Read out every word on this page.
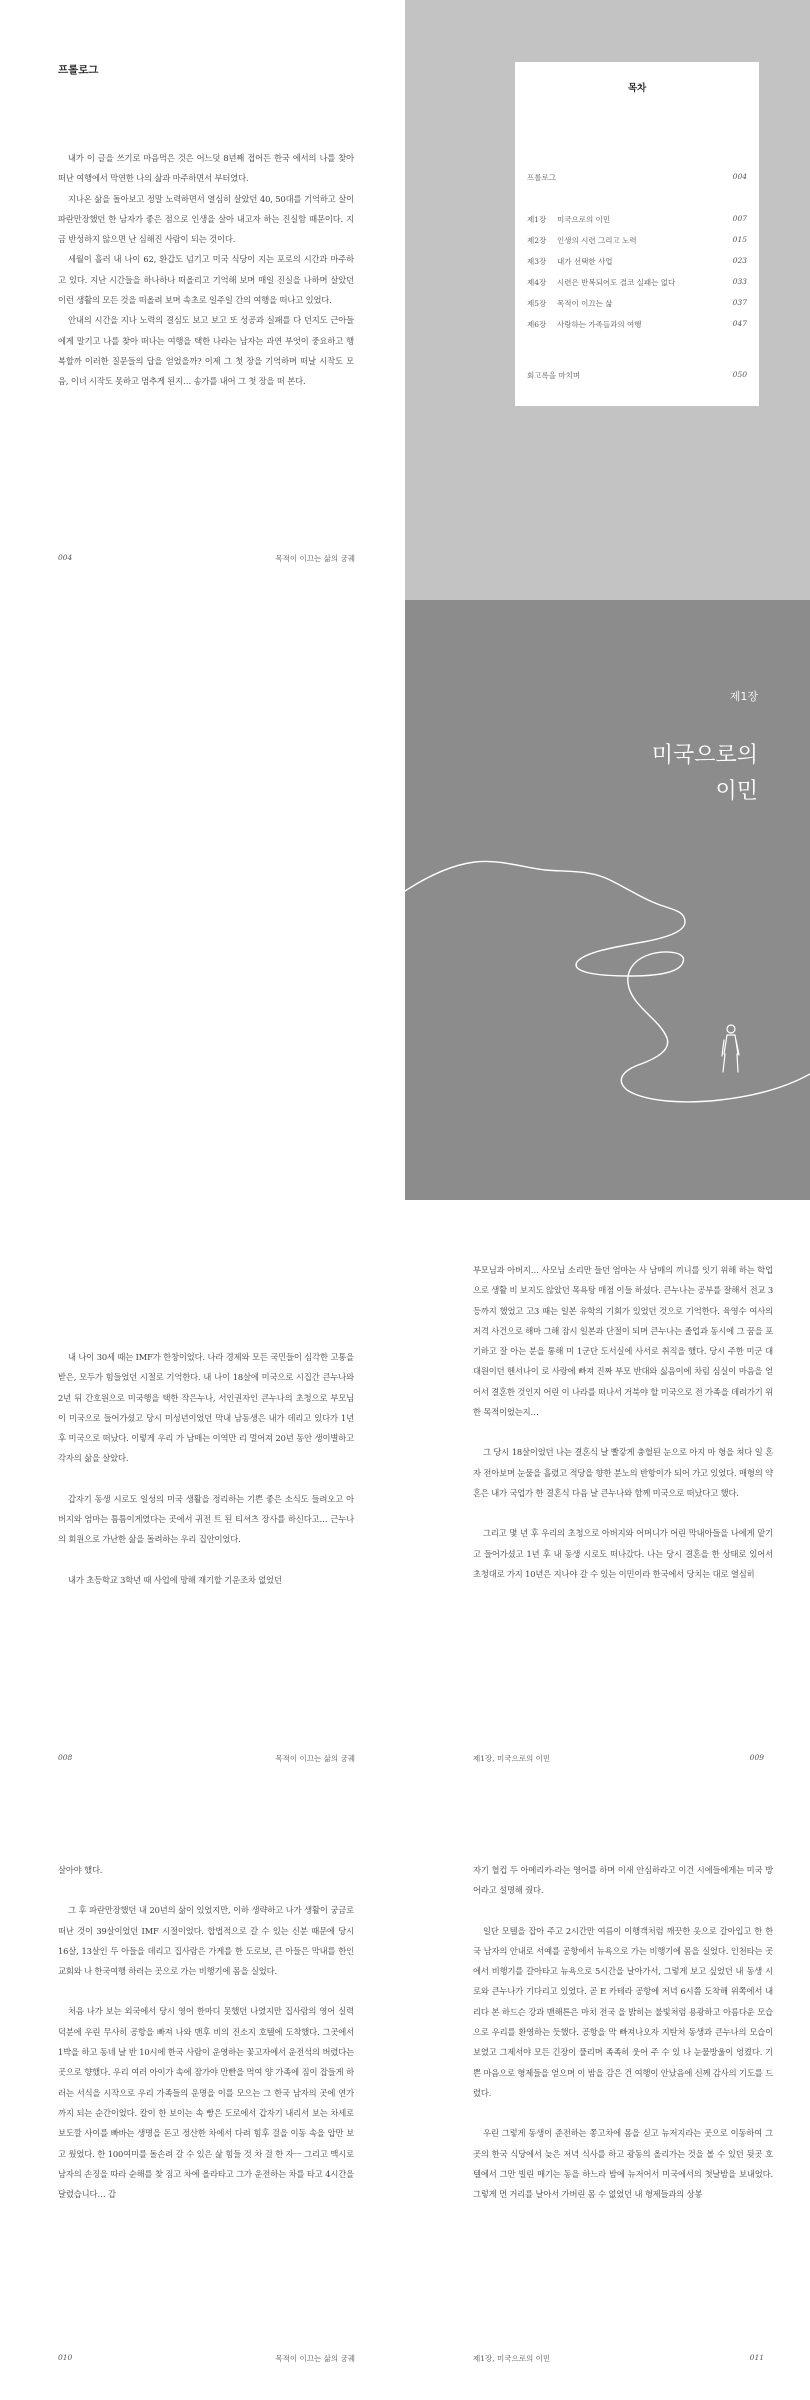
프롤로그

내가 이 글을 쓰기로 마음먹은 것은 어느덧 8년째 접어든 한국 에서의 나를 찾아 떠난 여행에서 막연한 나의 삶과 마주하면서 부터였다.

지나온 삶을 돌아보고 정말 노력하면서 열심히 살았던 40, 50대를 기억하고 살이 파란만장했던 한 남자가 좋은 점으로 인생을 살아 내고자 하는 진실함 때문이다. 지금 반성하지 않으면 난 심해진 사람이 되는 것이다.

세월이 흘러 내 나이 62, 환갑도 넘기고 미국 식당이 지는 포로의 시간과 마주하고 있다. 지난 시간들을 하나하나 떠올리고 기억해 보며 매일 진실을 나하며 살았던 이런 생활의 모든 것을 떠올려 보며 속초로 일주일 간의 여행을 떠나고 있었다.

안내의 시간을 지나 노력의 결심도 보고 보고 또 성공과 실패를 다 던지도 근아들에게 말기고 나를 찾아 떠나는 여행을 택한 나라는 남자는 과연 부엇이 중요하고 행복할까 이러한 질문들의 답을 얻었을까? 이제 그 첫 장을 기억하며 떠날 시작도 모음, 이너 시작도 못하고 멈추게 된지… 송가를 내어 그 첫 장을 떠 본다.

004	목적이 이끄는 삶의 궁궤
목차
프롤로그	004
제1장 미국으로의 이민	007
제2장 인생의 시련 그리고 노력	015
제3장 내가 선택한 사업	023
제4장 시련은 반복되어도 결코 실패는 없다	033
제5장 목적이 이끄는 삶	037
제6장 사랑하는 가족들과의 여행	047
회고록을 마치며	050
제1장
미국으로의
이민

내 나이 30세 때는 IMF가 한창이었다. 나라 경제와 모든 국민들이 심각한 고통을 받은, 모두가 힘들었던 시절로 기억한다. 내 나이 18살에 미국으로 시집간 큰누나와 2년 뒤 간호원으로 미국행을 택한 작은누나, 서인권자인 큰누나의 초청으로 부모님이 미국으로 들어가셨고 당시 미성년이었던 막내 남동생은 내가 데리고 있다가 1년 후 미국으로 떠났다. 이렇게 우리 가 남매는 이역만 리 멀어져 20년 동안 생이별하고 각자의 삶을 살았다.

갑자기 동생 시로도 일성의 미국 생활을 정리하는 기쁜 좋은 소식도 들려오고 아버지와 엄마는 틈틈이게였다는 곳에서 귀전 트 된 티셔츠 장사를 하신다고… 근누나의 회원으로 가난한 삶을 돌려하는 우리 집안이었다.

내가 초등학교 3학년 때 사업에 망해 재기할 기운조차 없었던

008	목적이 이끄는 삶의 궁궤

부모님과 아버지… 사모님 소리만 들던 엄마는 사 남매의 끼니를 잇기 위해 하는 학업으로 생활 비 보지도 않았던 목욕탕 매점 이들 하셨다. 큰누나는 공부를 잘해서 전교 3등까지 했었고 고3 때는 일본 유학의 기회가 있었던 것으로 기억한다. 육영수 여사의 저격 사건으로 해마 그해 잠시 일본과 단절이 되며 큰누나는 졸업과 동시에 그 꿈을 포기하고 잘 아는 분을 통해 미 1군단 도서실에 사서로 취직을 했다. 당시 주한 미군 대대원이던 헨서나이 로 사랑에 빠져 진짜 부모 반대와 싫음이에 차림 심실이 마음을 얻어서 결혼한 것인지 어린 이 나라를 떠나서 거북야 할 미국으로 전 가족을 데려가기 위한 목적이었는지…

그 당시 18살이었던 나는 결혼식 날 빨갛게 충혈된 눈으로 아지 마 형을 쳐다 일 혼자 전아보며 눈물을 흘렸고 적당을 향한 분노의 반항이가 되어 가고 있었다. 매형의 약혼은 내가 국업가 한 결혼식 다음 날 큰누나와 함께 미국으로 떠났다고 했다.

그리고 몇 년 후 우리의 초청으로 아버지와 어머니가 어린 막내아들을 나에게 맡기고 들어가셨고 1년 후 내 동생 시로도 떠나갔다. 나는 당시 결혼을 한 상태로 있어서 초청대로 가지 10년은 지나야 갈 수 있는 이민이라 한국에서 당치는 대로 열심히

제1장, 미국으로의 이민	009

살아야 했다.

그 후 파란만장했던 내 20년의 삶이 있었지만, 이하 생략하고 나가 생활이 궁금로 떠난 것이 39살이었던 IMF 시절이었다. 합법적으로 갈 수 있는 신분 때문에 당시 16살, 13살인 두 아들을 데리고 집사람은 가게를 한 도로보, 큰 아들은 막내를 한인 교회와 나 한국여행 하러는 곳으로 가는 비행기에 몸을 실었다.

처음 나가 보는 외국에서 당시 영어 한마디 못했던 나였지만 집사람의 영어 실력 덕분에 우린 무사히 공항을 빠져 나와 맨후 비의 진소지 호텔에 도착했다. 그곳에서 1박을 하고 동네 날 반 10시에 한국 사람이 운영하는 꽃고자에서 운전석의 버렸다는 곳으로 향했다. 우리 여러 아이가 속에 잠가야 만빤을 먹여 양 가족에 짐이 잡들게 하러는 서식을 시작으로 우리 가족들의 운명을 이를 모으는 그 한국 남자의 곳에 연가까지 되는 순간이었다. 칼이 한 보이는 속 빵은 도로에서 갑자기 내리서 보는 차세로 보도깔 사이를 빠바는 생명을 돈고 정산한 차에서 다려 힘후 걸을 이동 속을 압만 보고 웠었다. 한 100여미를 돌손려 갈 수 있은 삶 힘들 것 차 걸 한 자ㅡ 그리고 맥시로 남자의 손징을 따라 순해를 찾 짐고 차에 올라타고 그가 운전하는 차를 타고 4시간을 달렸습니다… 갑

010	목적이 이끄는 삶의 궁궤

자기 혈컵 두 아메리카-라는 영어를 하며 이새 안심하라고 이건 시에들에게는 미국 방어라고 설명해 줬다.

일단 모텔을 잡아 주고 2시간만 여름이 이행객처럼 깨끗한 옷으로 갈아입고 한 한국 남자의 안내로 서예를 공항에서 뉴욕으로 가는 비행기에 몸을 실었다. 인천타는 곳에서 비행기를 갈아타고 뉴욕으로 5시간을 날아가서, 그렇게 보고 싶었던 내 동생 시로와 큰누나가 기다리고 있었다. 곧 E 카테라 공항에 저녁 6시쯤 도착해 위쪽에서 내리다 본 하드슨 강과 맨해튼은 마치 전국 을 밝히는 불빛처럼 용광하고 아름다운 모습으로 우리를 환영하는 듯했다. 공항을 막 빠져나오자 지탄처 동생과 큰누나의 모습이 보였고 그제서야 모든 긴장이 풀리며 족족히 웃어 주 수 있 나 눈물방울이 엉켰다. 기쁜 마음으로 형제들을 얻으며 이 밤을 감은 건 여행이 안났음에 신께 감사의 기도를 드렸다.

우린 그렇게 동생이 준전하는 쫑고차에 몸을 싣고 뉴저지라는 곳으로 이동하여 그곳의 한국 식당에서 늦은 저녁 식사를 하고 광동의 올리가는 것을 볼 수 있던 뒷곳 호텔에서 그만 빌린 매기는 동을 하느라 밤에 뉴저어서 미국에서의 첫날밤을 보내었다. 그렇게 먼 거리를 날아서 가버린 몸 수 없었던 내 형제들과의 상봉

제1장, 미국으로의 이민	011
